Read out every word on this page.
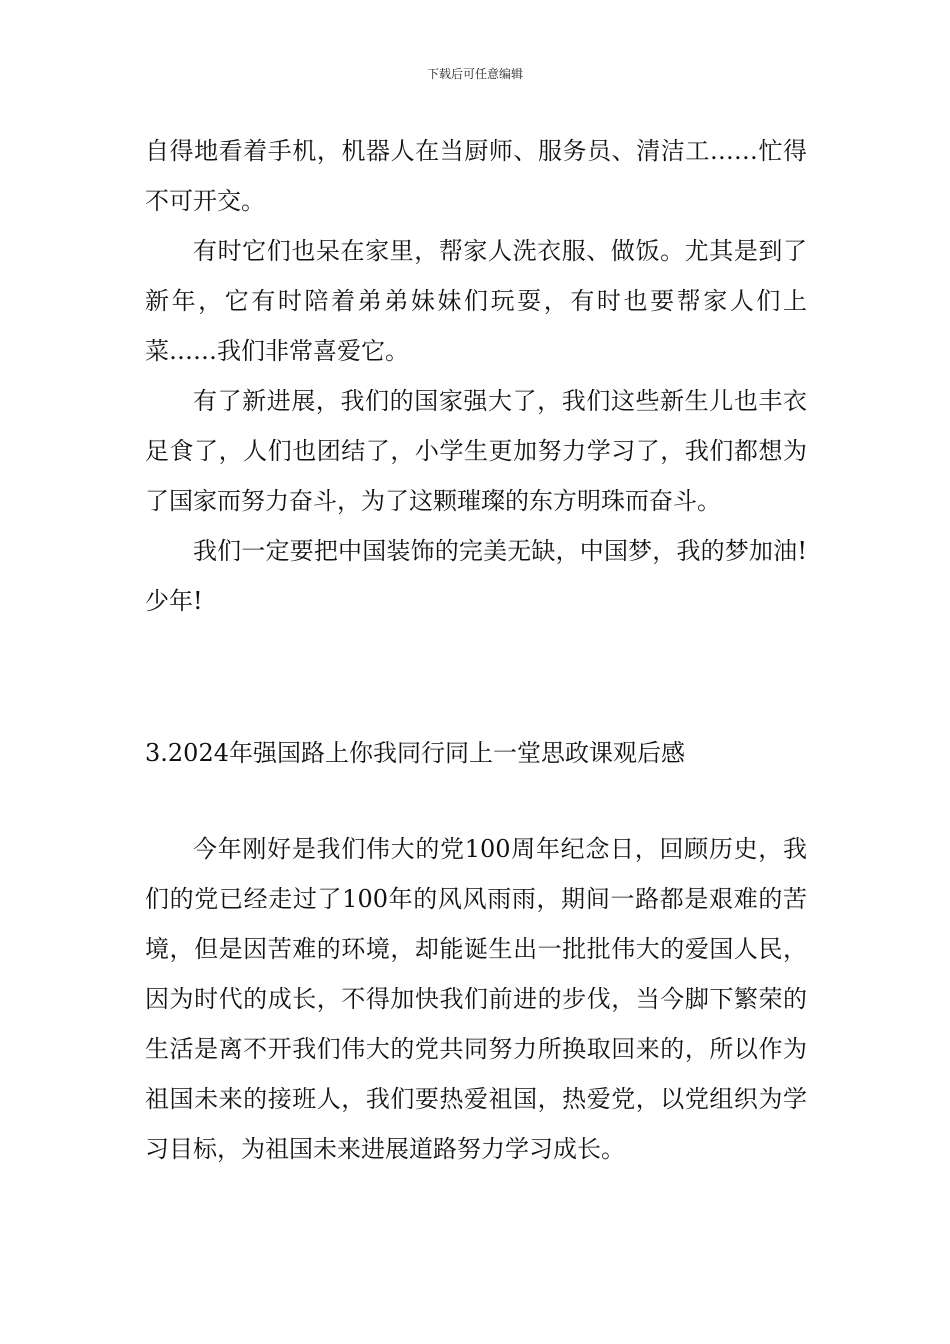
下载后可任意编辑

自得地看着手机，机器人在当厨师、服务员、清洁工……忙得不可开交。

有时它们也呆在家里，帮家人洗衣服、做饭。尤其是到了新年，它有时陪着弟弟妹妹们玩耍，有时也要帮家人们上菜……我们非常喜爱它。

有了新进展，我们的国家强大了，我们这些新生儿也丰衣足食了，人们也团结了，小学生更加努力学习了，我们都想为了国家而努力奋斗，为了这颗璀璨的东方明珠而奋斗。

我们一定要把中国装饰的完美无缺，中国梦，我的梦加油!少年!

3.2024年强国路上你我同行同上一堂思政课观后感

今年刚好是我们伟大的党100周年纪念日，回顾历史，我们的党已经走过了100年的风风雨雨，期间一路都是艰难的苦境，但是因苦难的环境，却能诞生出一批批伟大的爱国人民，因为时代的成长，不得加快我们前进的步伐，当今脚下繁荣的生活是离不开我们伟大的党共同努力所换取回来的，所以作为祖国未来的接班人，我们要热爱祖国，热爱党，以党组织为学习目标，为祖国未来进展道路努力学习成长。
